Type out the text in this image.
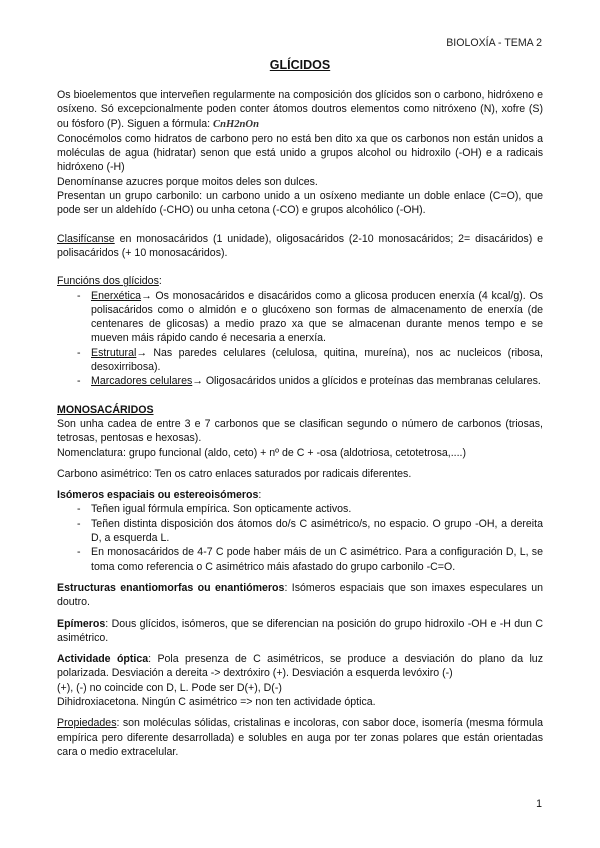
BIOLOXÍA - TEMA 2
GLÍCIDOS

Os bioelementos que interveñen regularmente na composición dos glícidos son o carbono, hidróxeno e osíxeno. Só excepcionalmente poden conter átomos doutros elementos como nitróxeno (N), xofre (S) ou fósforo (P). Siguen a fórmula: CnH2nOn

Conocémolos como hidratos de carbono pero no está ben dito xa que os carbonos non están unidos a moléculas de agua (hidratar) senon que está unido a grupos alcohol ou hidroxilo (-OH) e a radicais hidróxeno (-H)

Denomínanse azucres porque moitos deles son dulces.

Presentan un grupo carbonilo: un carbono unido a un osíxeno mediante un doble enlace (C=O), que pode ser un aldehído (-CHO) ou unha cetona (-CO) e grupos alcohólico (-OH).

Clasifícanse en monosacáridos (1 unidade), oligosacáridos (2-10 monosacáridos; 2= disacáridos) e polisacáridos (+ 10 monosacáridos).

Funcións dos glícidos:

- Enerxética→ Os monosacáridos e disacáridos como a glicosa producen enerxía (4 kcal/g). Os polisacáridos como o almidón e o glucóxeno son formas de almacenamento de enerxía (de centenares de glicosas) a medio prazo xa que se almacenan durante menos tempo e se mueven máis rápido cando é necesaria a enerxía.
- Estrutural→ Nas paredes celulares (celulosa, quitina, mureína), nos ac nucleicos (ribosa, desoxirribosa).
- Marcadores celulares→ Oligosacáridos unidos a glícidos e proteínas das membranas celulares.

MONOSACÁRIDOS

Son unha cadea de entre 3 e 7 carbonos que se clasifican segundo o número de carbonos (triosas, tetrosas, pentosas e hexosas).

Nomenclatura: grupo funcional (aldo, ceto) + nº de C + -osa (aldotriosa, cetotetrosa,....)

Carbono asimétrico: Ten os catro enlaces saturados por radicais diferentes.

Isómeros espaciais ou estereoisómeros:

- Teñen igual fórmula empírica. Son opticamente activos.
- Teñen distinta disposición dos átomos do/s C asimétrico/s, no espacio. O grupo -OH, a dereita D, a esquerda L.
- En monosacáridos de 4-7 C pode haber máis de un C asimétrico. Para a configuración D, L, se toma como referencia o C asimétrico máis afastado do grupo carbonilo -C=O.

Estructuras enantiomorfas ou enantiómeros: Isómeros espaciais que son imaxes especulares un doutro.

Epímeros: Dous glícidos, isómeros, que se diferencian na posición do grupo hidroxilo -OH e -H dun C asimétrico.

Actividade óptica: Pola presenza de C asimétricos, se produce a desviación do plano da luz polarizada. Desviación a dereita -> dextróxiro (+). Desviación a esquerda levóxiro (-)

(+), (-) no coincide con D, L. Pode ser D(+), D(-)

Dihidroxiacetona. Ningún C asimétrico => non ten actividade óptica.

Propiedades: son moléculas sólidas, cristalinas e incoloras, con sabor doce, isomería (mesma fórmula empírica pero diferente desarrollada) e solubles en auga por ter zonas polares que están orientadas cara o medio extracelular.

1
